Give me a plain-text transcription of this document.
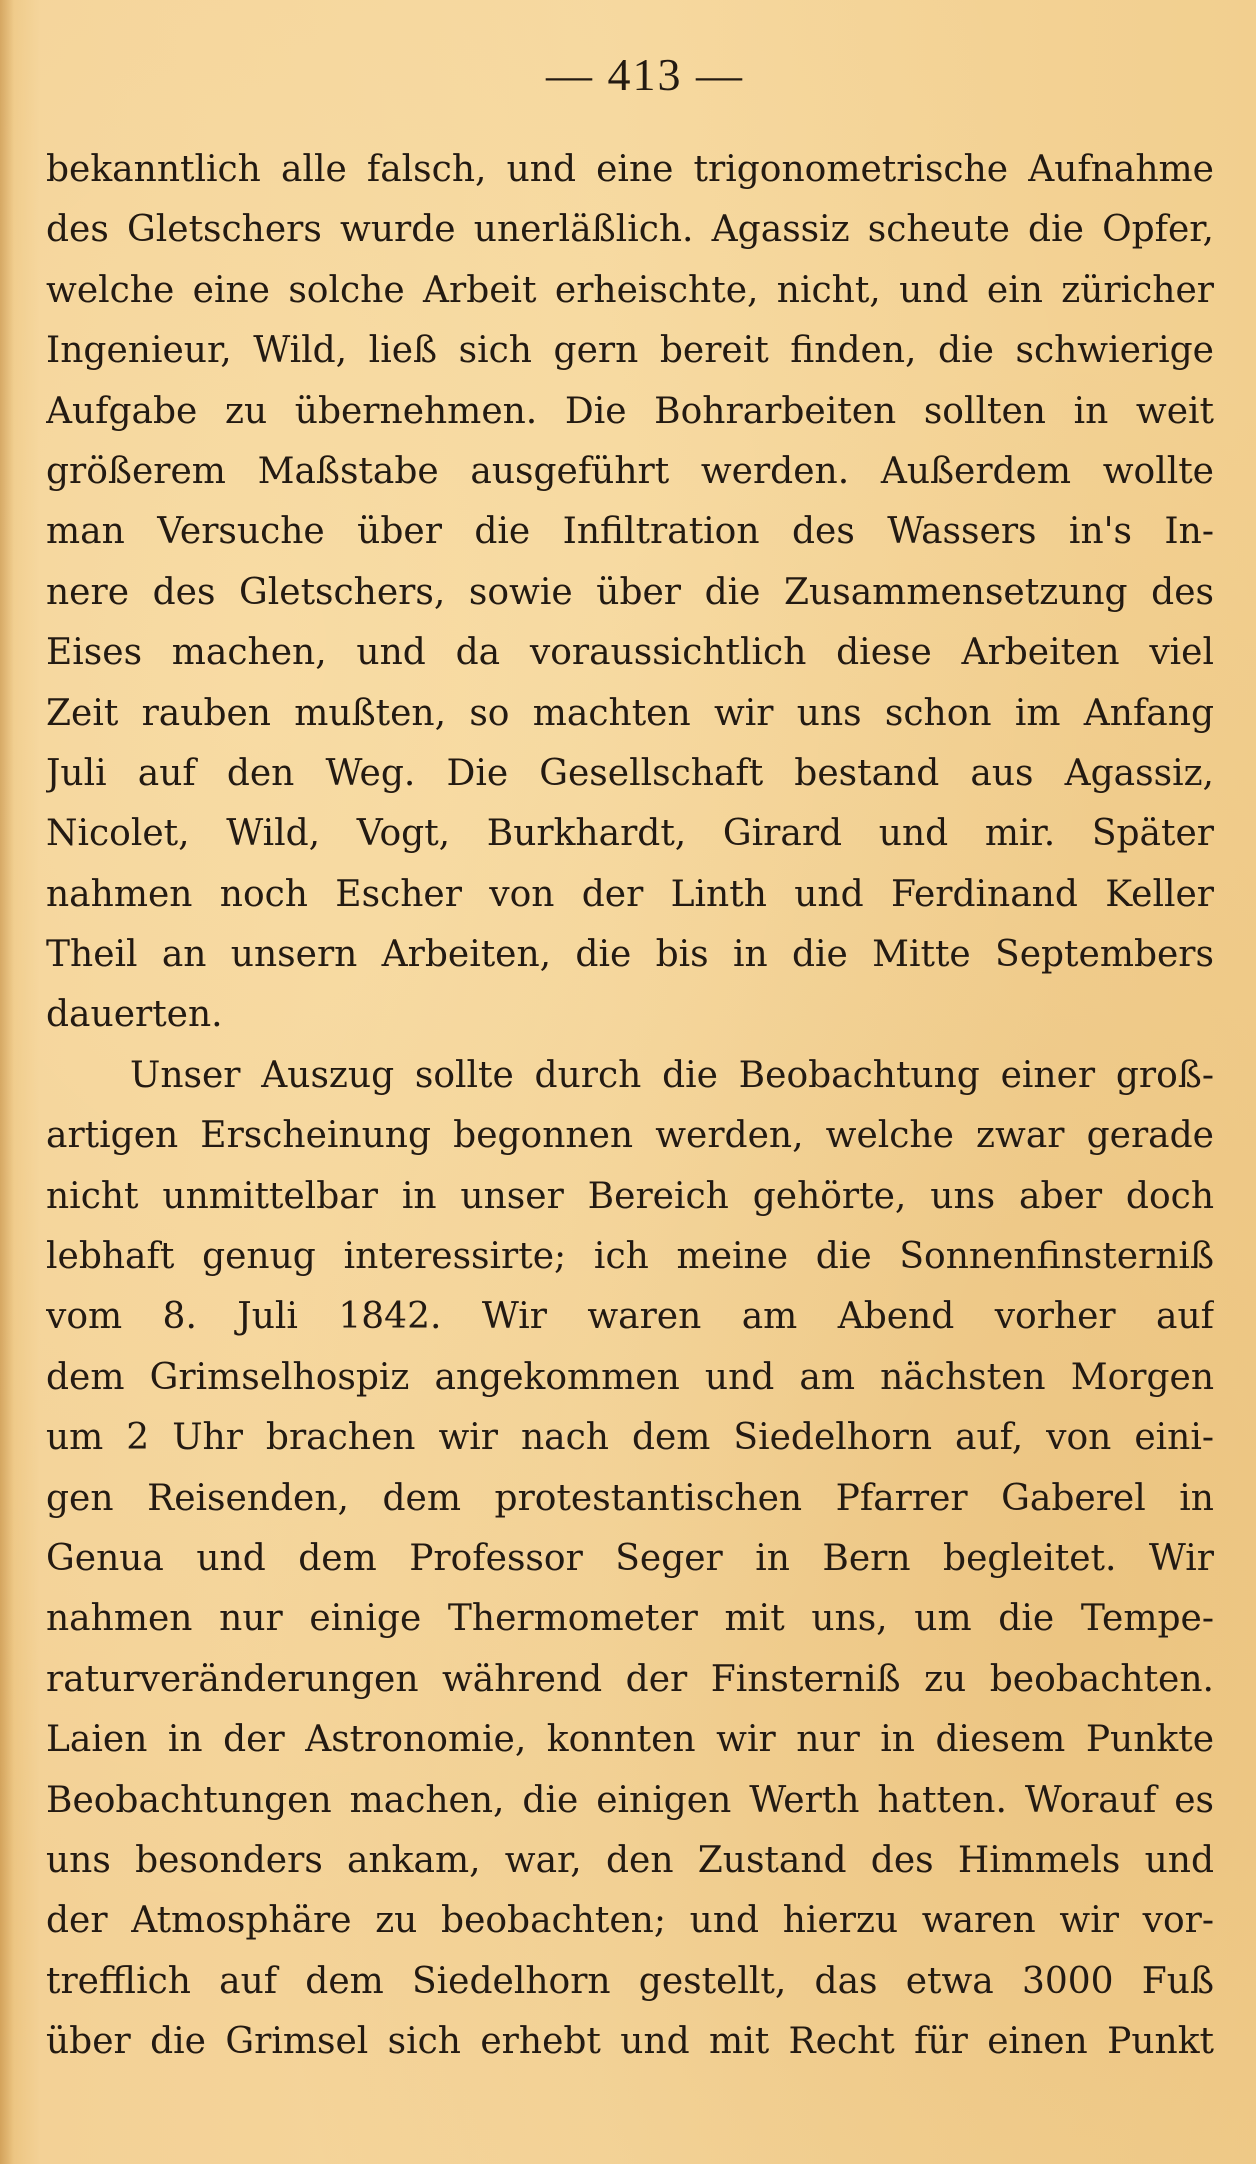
— 413 —
bekanntlich alle falsch, und eine trigonometrische Aufnahme
des Gletschers wurde unerläßlich. Agassiz scheute die Opfer,
welche eine solche Arbeit erheischte, nicht, und ein züricher
Ingenieur, Wild, ließ sich gern bereit finden, die schwierige
Aufgabe zu übernehmen. Die Bohrarbeiten sollten in weit
größerem Maßstabe ausgeführt werden. Außerdem wollte
man Versuche über die Infiltration des Wassers in's In-
nere des Gletschers, sowie über die Zusammensetzung des
Eises machen, und da voraussichtlich diese Arbeiten viel
Zeit rauben mußten, so machten wir uns schon im Anfang
Juli auf den Weg. Die Gesellschaft bestand aus Agassiz,
Nicolet, Wild, Vogt, Burkhardt, Girard und mir. Später
nahmen noch Escher von der Linth und Ferdinand Keller
Theil an unsern Arbeiten, die bis in die Mitte Septembers
dauerten.
Unser Auszug sollte durch die Beobachtung einer groß-
artigen Erscheinung begonnen werden, welche zwar gerade
nicht unmittelbar in unser Bereich gehörte, uns aber doch
lebhaft genug interessirte; ich meine die Sonnenfinsterniß
vom 8. Juli 1842. Wir waren am Abend vorher auf
dem Grimselhospiz angekommen und am nächsten Morgen
um 2 Uhr brachen wir nach dem Siedelhorn auf, von eini-
gen Reisenden, dem protestantischen Pfarrer Gaberel in
Genua und dem Professor Seger in Bern begleitet. Wir
nahmen nur einige Thermometer mit uns, um die Tempe-
raturveränderungen während der Finsterniß zu beobachten.
Laien in der Astronomie, konnten wir nur in diesem Punkte
Beobachtungen machen, die einigen Werth hatten. Worauf es
uns besonders ankam, war, den Zustand des Himmels und
der Atmosphäre zu beobachten; und hierzu waren wir vor-
trefflich auf dem Siedelhorn gestellt, das etwa 3000 Fuß
über die Grimsel sich erhebt und mit Recht für einen Punkt
